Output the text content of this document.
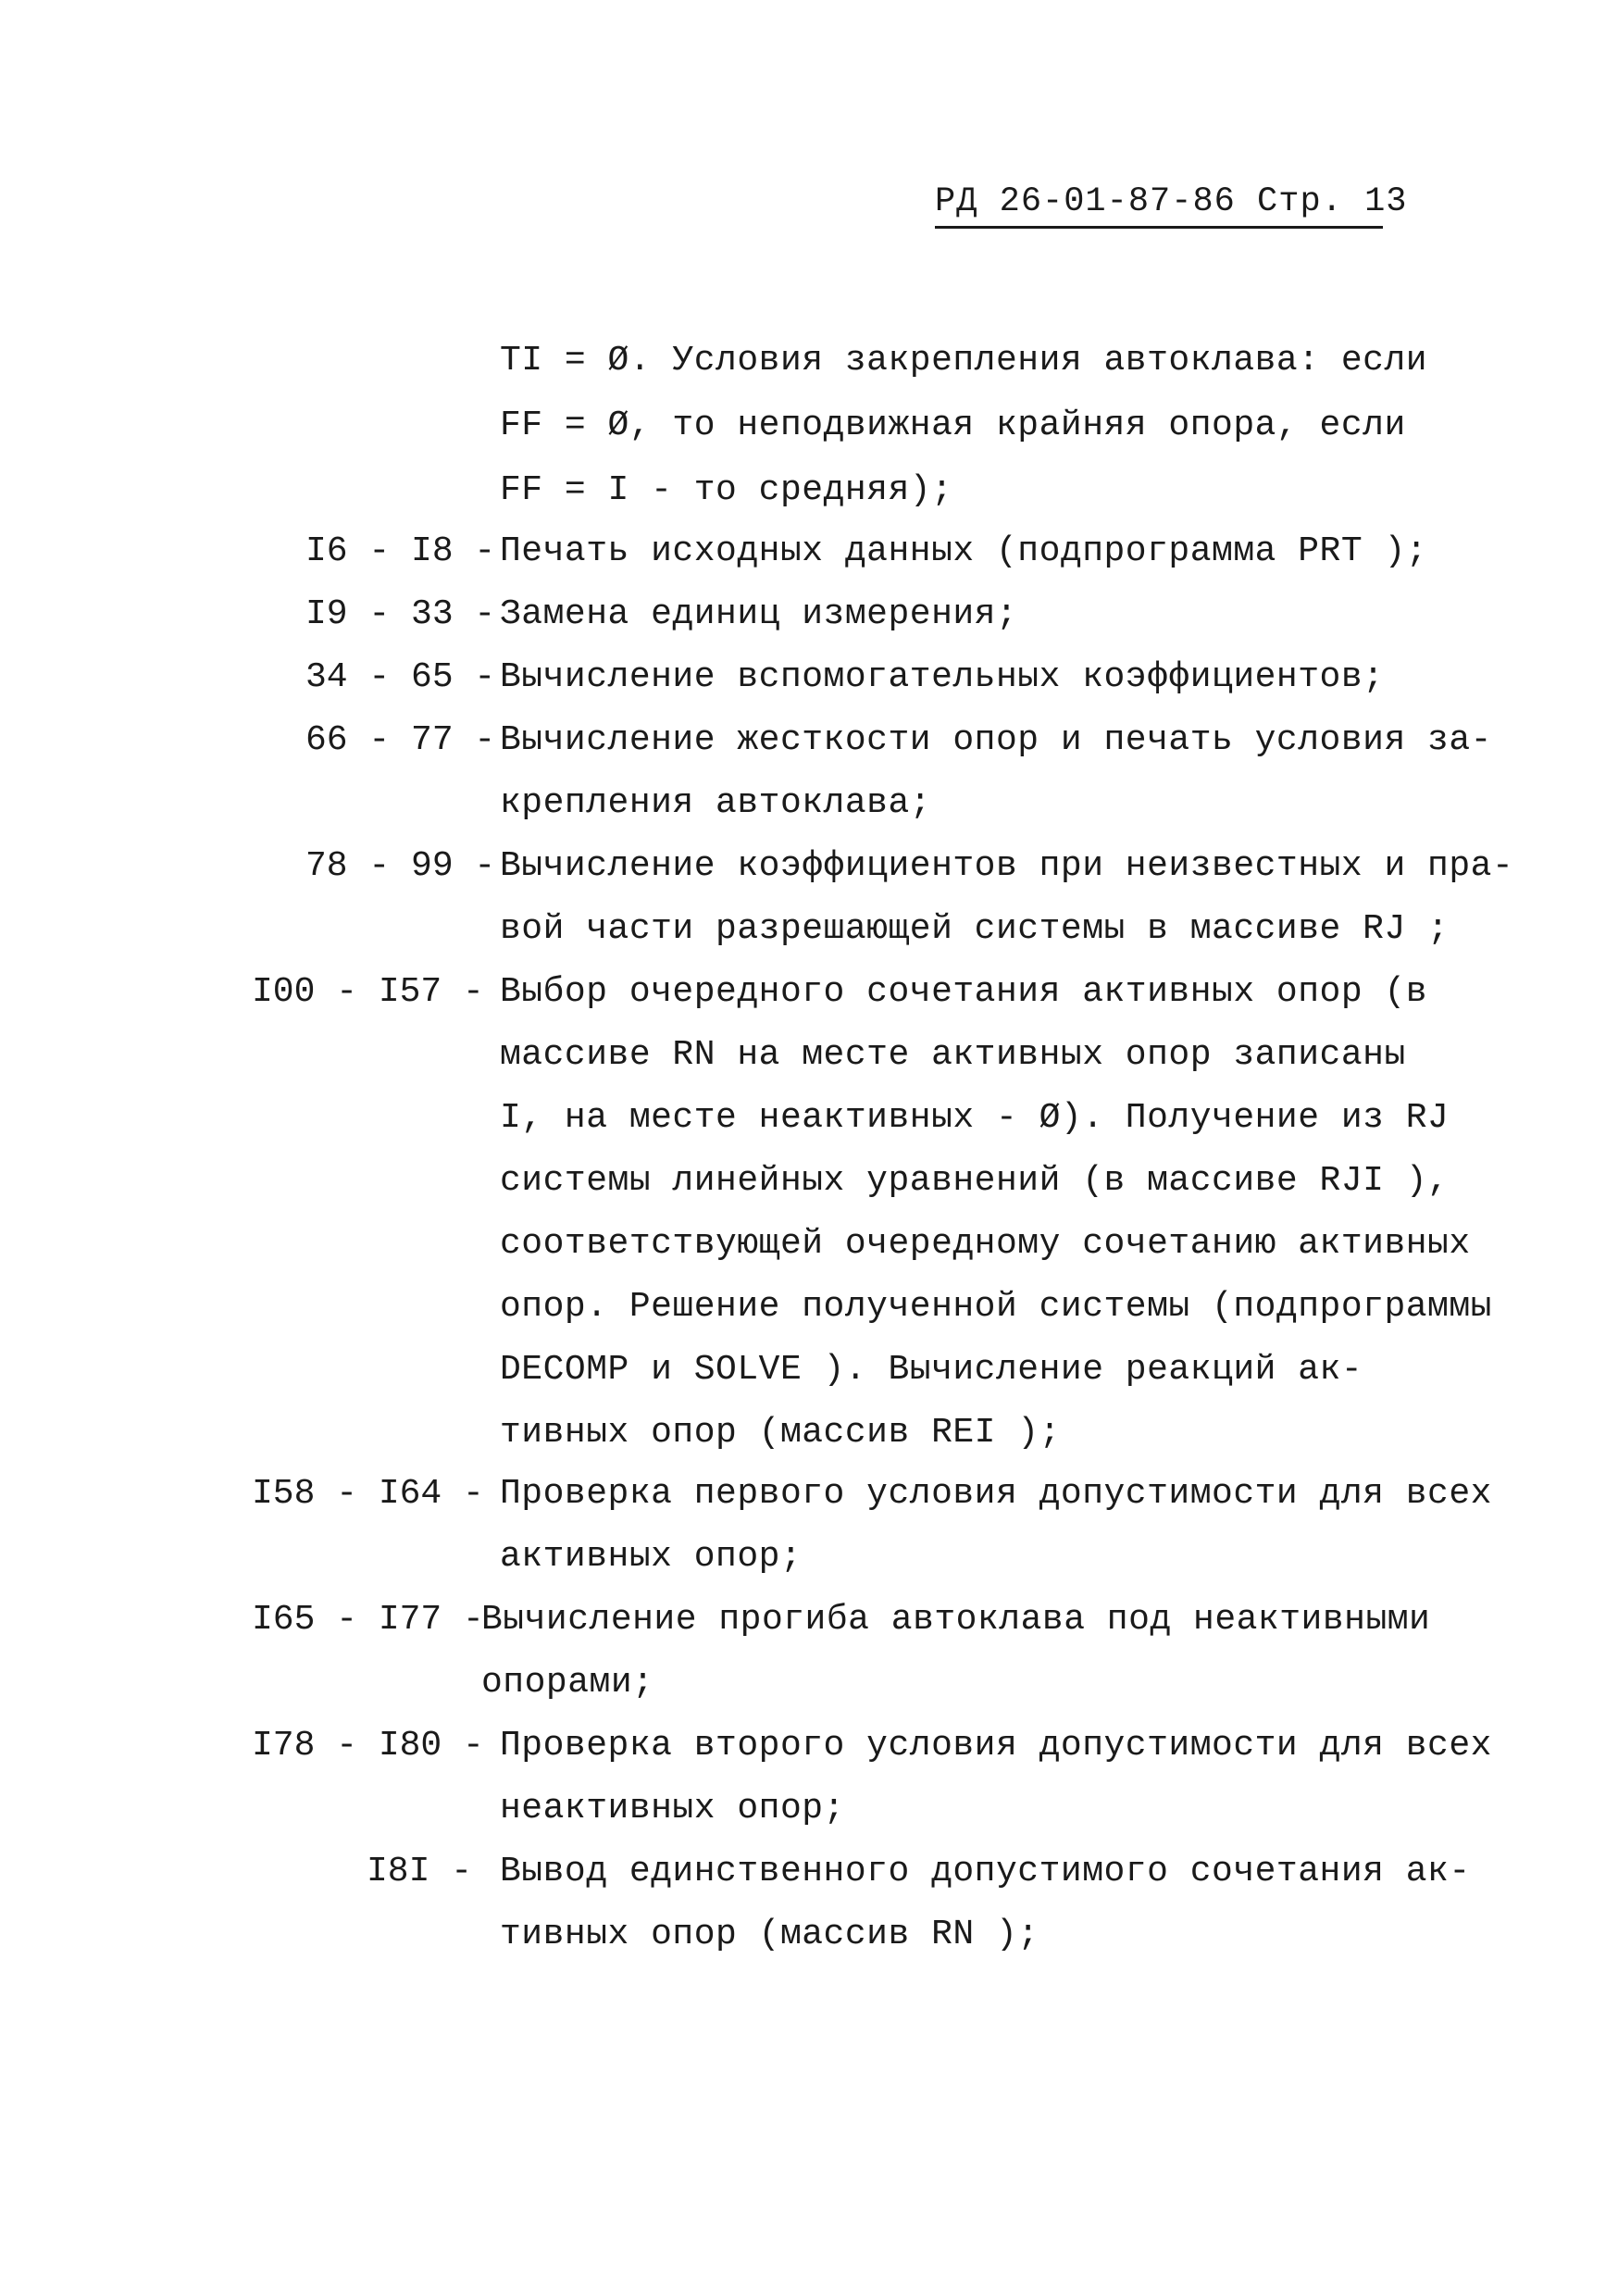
РД 26-01-87-86 Стр. 13
TI = Ø. Условия закрепления автоклава: если
FF = Ø, то неподвижная крайняя опора, если
FF = I - то средняя);
I6 - I8 - Печать исходных данных (подпрограмма PRT );
I9 - 33 - Замена единиц измерения;
34 - 65 - Вычисление вспомогательных коэффициентов;
66 - 77 - Вычисление жесткости опор и печать условия за-
крепления автоклава;
78 - 99 - Вычисление коэффициентов при неизвестных и пра-
вой части разрешающей системы в массиве RJ ;
I00 - I57 - Выбор очередного сочетания активных опор (в
массиве RN на месте активных опор записаны
I, на месте неактивных - Ø). Получение из RJ
системы линейных уравнений (в массиве RJI ),
соответствующей очередному сочетанию активных
опор. Решение полученной системы (подпрограммы
DECOMP и SOLVE ). Вычисление реакций ак-
тивных опор (массив REI );
I58 - I64 - Проверка первого условия допустимости для всех
активных опор;
I65 - I77 -
Вычисление прогиба автоклава под неактивными
опорами;
I78 - I80 - Проверка второго условия допустимости для всех
неактивных опор;
I8I - Вывод единственного допустимого сочетания ак-
тивных опор (массив RN );
